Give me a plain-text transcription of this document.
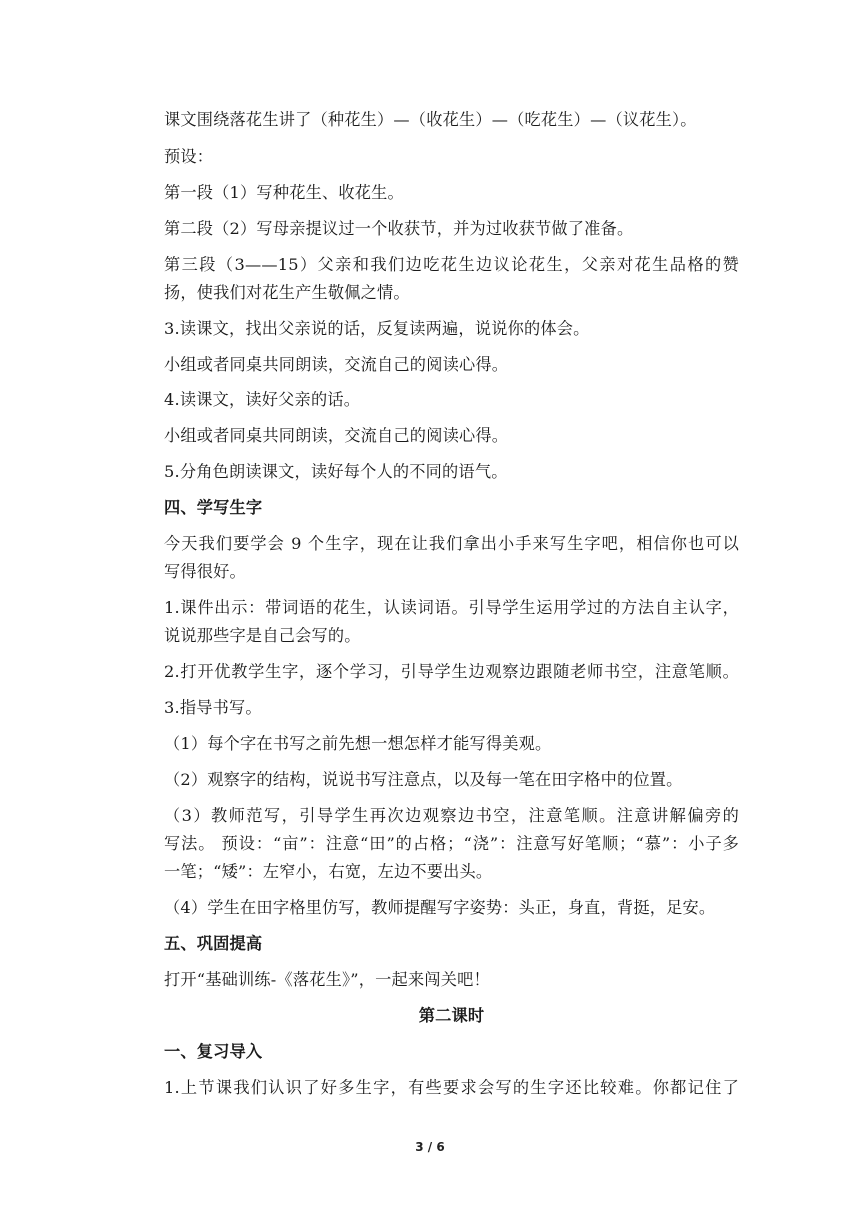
课文围绕落花生讲了（种花生）—（收花生）—（吃花生）—（议花生）。
预设：
第一段（1）写种花生、收花生。
第二段（2）写母亲提议过一个收获节，并为过收获节做了准备。
第三段（3——15）父亲和我们边吃花生边议论花生，父亲对花生品格的赞
扬，使我们对花生产生敬佩之情。
3.读课文，找出父亲说的话，反复读两遍，说说你的体会。
小组或者同桌共同朗读，交流自己的阅读心得。
4.读课文，读好父亲的话。
小组或者同桌共同朗读，交流自己的阅读心得。
5.分角色朗读课文，读好每个人的不同的语气。
四、学写生字
今天我们要学会 9 个生字，现在让我们拿出小手来写生字吧，相信你也可以
写得很好。
1.课件出示：带词语的花生，认读词语。引导学生运用学过的方法自主认字，
说说那些字是自己会写的。
2.打开优教学生字，逐个学习，引导学生边观察边跟随老师书空，注意笔顺。
3.指导书写。
（1）每个字在书写之前先想一想怎样才能写得美观。
（2）观察字的结构，说说书写注意点，以及每一笔在田字格中的位置。
（3）教师范写，引导学生再次边观察边书空，注意笔顺。注意讲解偏旁的
写法。 预设：“亩”：注意“田”的占格；“浇”：注意写好笔顺；“慕”：小子多
一笔；“矮”：左窄小，右宽，左边不要出头。
（4）学生在田字格里仿写，教师提醒写字姿势：头正，身直，背挺，足安。
五、巩固提高
打开“基础训练-《落花生》”，一起来闯关吧！
第二课时
一、复习导入
1.上节课我们认识了好多生字，有些要求会写的生字还比较难。你都记住了
3 / 6
